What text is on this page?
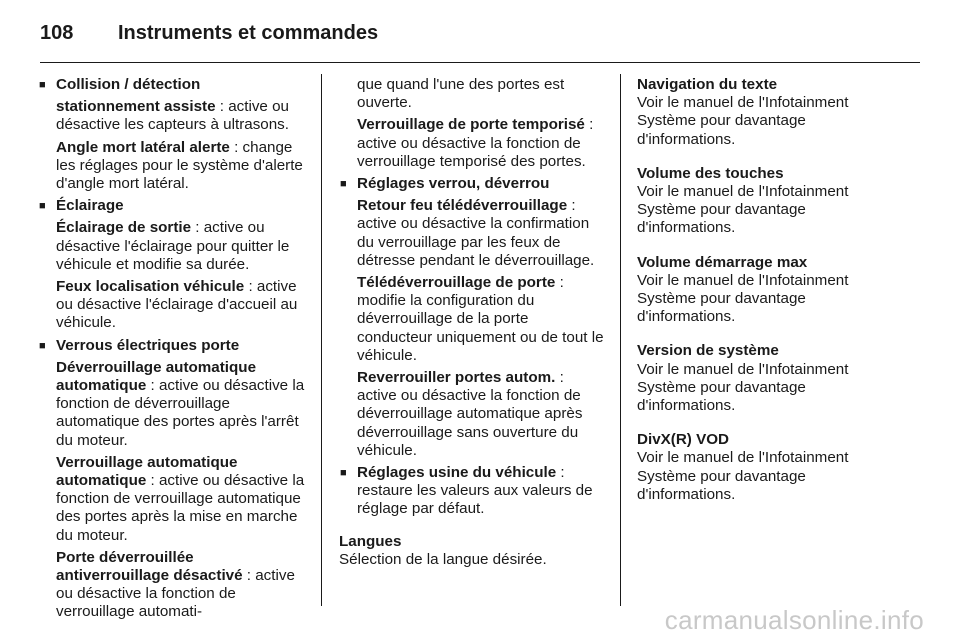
108	Instruments et commandes
■ Collision / détection
stationnement assiste : active ou désactive les capteurs à ultrasons.
Angle mort latéral alerte : change les réglages pour le système d'alerte d'angle mort latéral.
■ Éclairage
Éclairage de sortie : active ou désactive l'éclairage pour quitter le véhicule et modifie sa durée.
Feux localisation véhicule : active ou désactive l'éclairage d'accueil au véhicule.
■ Verrous électriques porte
Déverrouillage automatique automatique : active ou désactive la fonction de déverrouillage automatique des portes après l'arrêt du moteur.
Verrouillage automatique automatique : active ou désactive la fonction de verrouillage automatique des portes après la mise en marche du moteur.
Porte déverrouillée antiverrouillage désactivé : active ou désactive la fonction de verrouillage automati-
que quand l'une des portes est ouverte.
Verrouillage de porte temporisé : active ou désactive la fonction de verrouillage temporisé des portes.
■ Réglages verrou, déverrou
Retour feu télédéverrouillage : active ou désactive la confirmation du verrouillage par les feux de détresse pendant le déverrouillage.
Télédéverrouillage de porte : modifie la configuration du déverrouillage de la porte conducteur uniquement ou de tout le véhicule.
Reverrouiller portes autom. : active ou désactive la fonction de déverrouillage automatique après déverrouillage sans ouverture du véhicule.
■ Réglages usine du véhicule : restaure les valeurs aux valeurs de réglage par défaut.
Langues
Sélection de la langue désirée.
Navigation du texte
Voir le manuel de l'Infotainment Système pour davantage d'informations.
Volume des touches
Voir le manuel de l'Infotainment Système pour davantage d'informations.
Volume démarrage max
Voir le manuel de l'Infotainment Système pour davantage d'informations.
Version de système
Voir le manuel de l'Infotainment Système pour davantage d'informations.
DivX(R) VOD
Voir le manuel de l'Infotainment Système pour davantage d'informations.
carmanualsonline.info
